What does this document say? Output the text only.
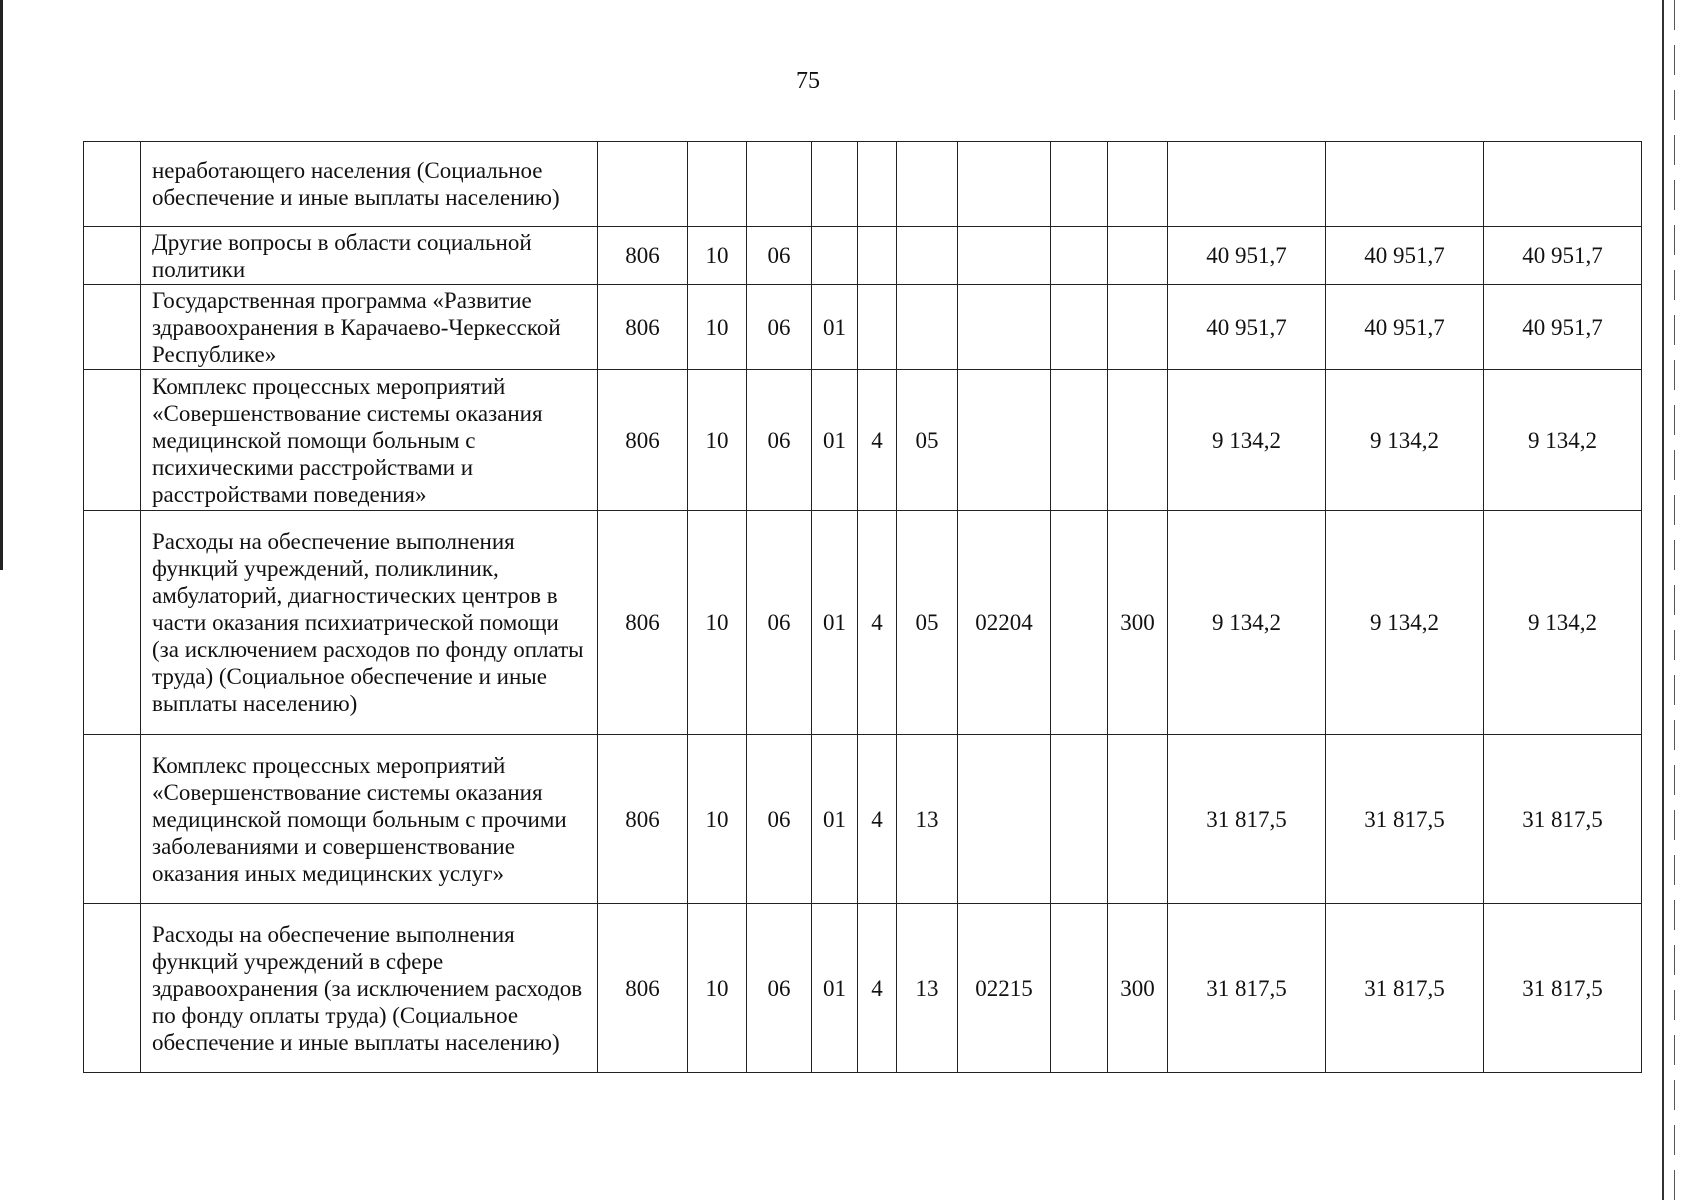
75
	неработающего населения (Социальное обеспечение и иные выплаты населению)												
	Другие вопросы в области социальной политики	806	10	06							40 951,7	40 951,7	40 951,7
	Государственная программа «Развитие здравоохранения в Карачаево-Черкесской Республике»	806	10	06	01						40 951,7	40 951,7	40 951,7
	Комплекс процессных мероприятий «Совершенствование системы оказания медицинской помощи больным с психическими расстройствами и расстройствами поведения»	806	10	06	01	4	05				9 134,2	9 134,2	9 134,2
	Расходы на обеспечение выполнения функций учреждений, поликлиник, амбулаторий, диагностических центров в части оказания психиатрической помощи (за исключением расходов по фонду оплаты труда) (Социальное обеспечение и иные выплаты населению)	806	10	06	01	4	05	02204		300	9 134,2	9 134,2	9 134,2
	Комплекс процессных мероприятий «Совершенствование системы оказания медицинской помощи больным с прочими заболеваниями и совершенствование оказания иных медицинских услуг»	806	10	06	01	4	13				31 817,5	31 817,5	31 817,5
	Расходы на обеспечение выполнения функций учреждений в сфере здравоохранения (за исключением расходов по фонду оплаты труда) (Социальное обеспечение и иные выплаты населению)	806	10	06	01	4	13	02215		300	31 817,5	31 817,5	31 817,5
